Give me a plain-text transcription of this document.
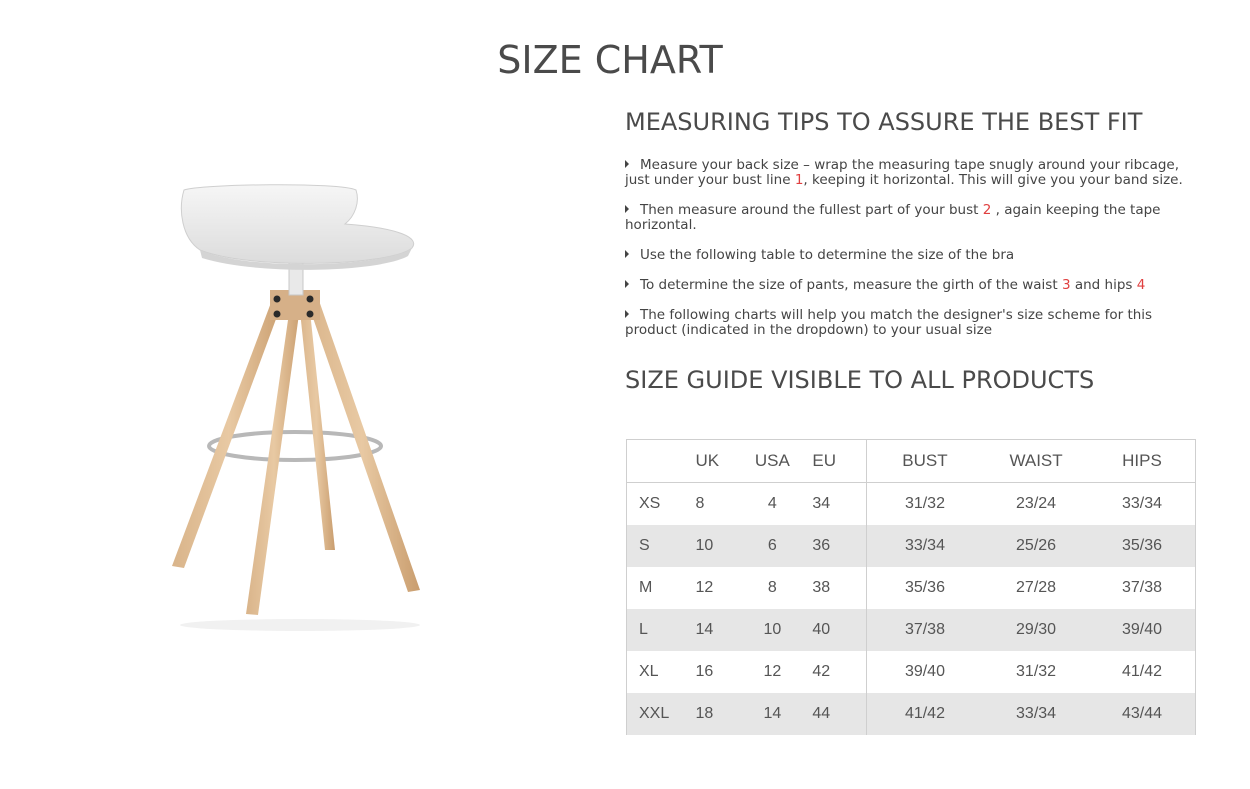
SIZE CHART
MEASURING TIPS TO ASSURE THE BEST FIT
Measure your back size – wrap the measuring tape snugly around your ribcage, just under your bust line 1, keeping it horizontal. This will give you your band size.
Then measure around the fullest part of your bust 2 , again keeping the tape horizontal.
Use the following table to determine the size of the bra
To determine the size of pants, measure the girth of the waist 3 and hips 4
The following charts will help you match the designer's size scheme for this product (indicated in the dropdown) to your usual size
SIZE GUIDE VISIBLE TO ALL PRODUCTS
	UK	USA	EU	BUST	WAIST	HIPS
XS	8	4	34	31/32	23/24	33/34
S	10	6	36	33/34	25/26	35/36
M	12	8	38	35/36	27/28	37/38
L	14	10	40	37/38	29/30	39/40
XL	16	12	42	39/40	31/32	41/42
XXL	18	14	44	41/42	33/34	43/44
